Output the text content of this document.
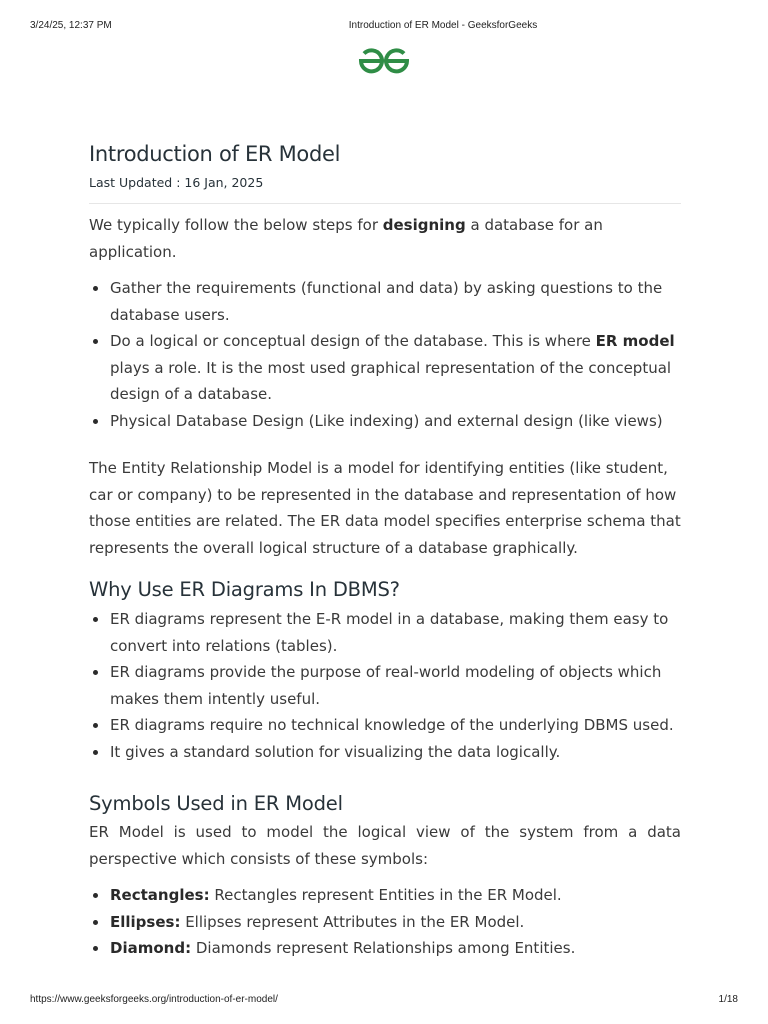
3/24/25, 12:37 PM	Introduction of ER Model - GeeksforGeeks
Introduction of ER Model
Last Updated : 16 Jan, 2025

We typically follow the below steps for designing a database for an application.

Gather the requirements (functional and data) by asking questions to the database users.
Do a logical or conceptual design of the database. This is where ER model plays a role. It is the most used graphical representation of the conceptual design of a database.
Physical Database Design (Like indexing) and external design (like views)

The Entity Relationship Model is a model for identifying entities (like student, car or company) to be represented in the database and representation of how those entities are related. The ER data model specifies enterprise schema that represents the overall logical structure of a database graphically.

Why Use ER Diagrams In DBMS?
ER diagrams represent the E-R model in a database, making them easy to convert into relations (tables).
ER diagrams provide the purpose of real-world modeling of objects which makes them intently useful.
ER diagrams require no technical knowledge of the underlying DBMS used.
It gives a standard solution for visualizing the data logically.
Symbols Used in ER Model

ER Model is used to model the logical view of the system from a data perspective which consists of these symbols:

Rectangles: Rectangles represent Entities in the ER Model.
Ellipses: Ellipses represent Attributes in the ER Model.
Diamond: Diamonds represent Relationships among Entities.
https://www.geeksforgeeks.org/introduction-of-er-model/	1/18
